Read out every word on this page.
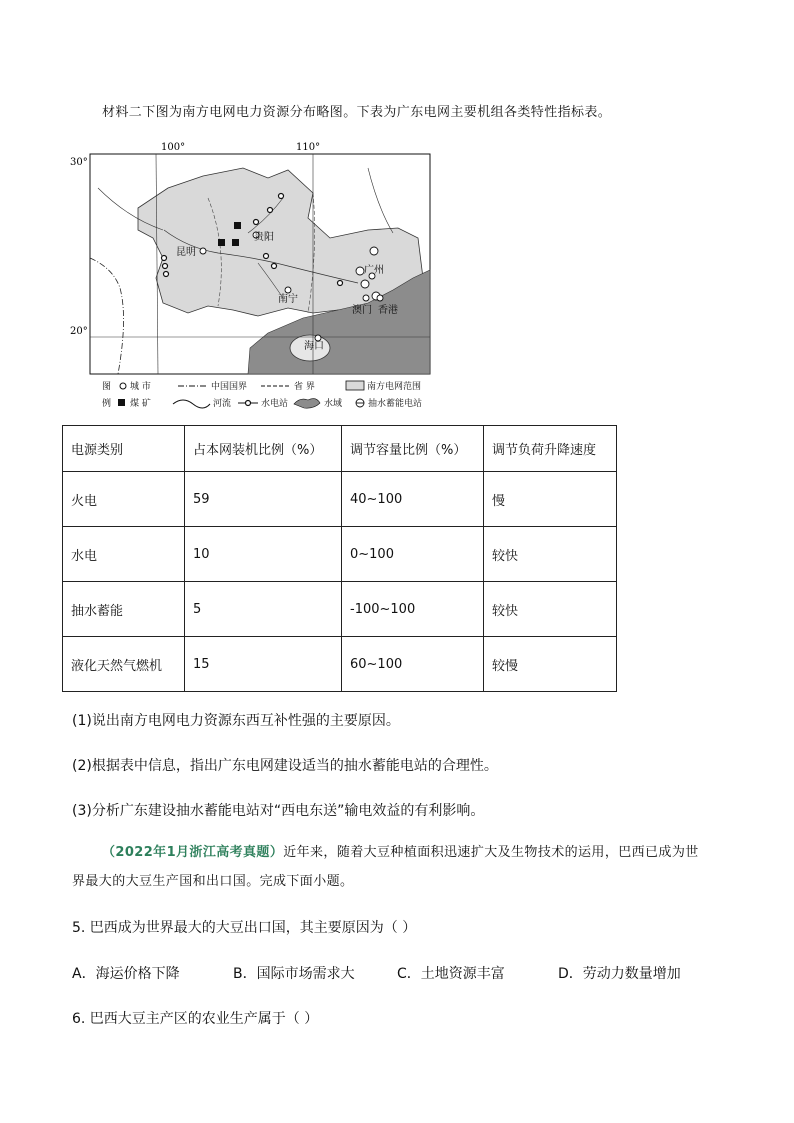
材料二下图为南方电网电力资源分布略图。下表为广东电网主要机组各类特性指标表。
100°	110°
30°
20°
昆明
贵阳
南宁
广州
澳门 香港
海口
图
例
城 市	中国国界	省 界	南方电网范围
煤 矿	河流	水电站	水域	抽水蓄能电站
电源类别	占本网装机比例（%）	调节容量比例（%）	调节负荷升降速度
火电	59	40~100	慢
水电	10	0~100	较快
抽水蓄能	5	-100~100	较快
液化天然气燃机	15	60~100	较慢
(1)说出南方电网电力资源东西互补性强的主要原因。
(2)根据表中信息，指出广东电网建设适当的抽水蓄能电站的合理性。
(3)分析广东建设抽水蓄能电站对“西电东送”输电效益的有利影响。
（2022年1月浙江高考真题）近年来，随着大豆种植面积迅速扩大及生物技术的运用，巴西已成为世
界最大的大豆生产国和出口国。完成下面小题。
5. 巴西成为世界最大的大豆出口国，其主要原因为（ ）
A．海运价格下降	B．国际市场需求大	C．土地资源丰富	D．劳动力数量增加
6. 巴西大豆主产区的农业生产属于（ ）
